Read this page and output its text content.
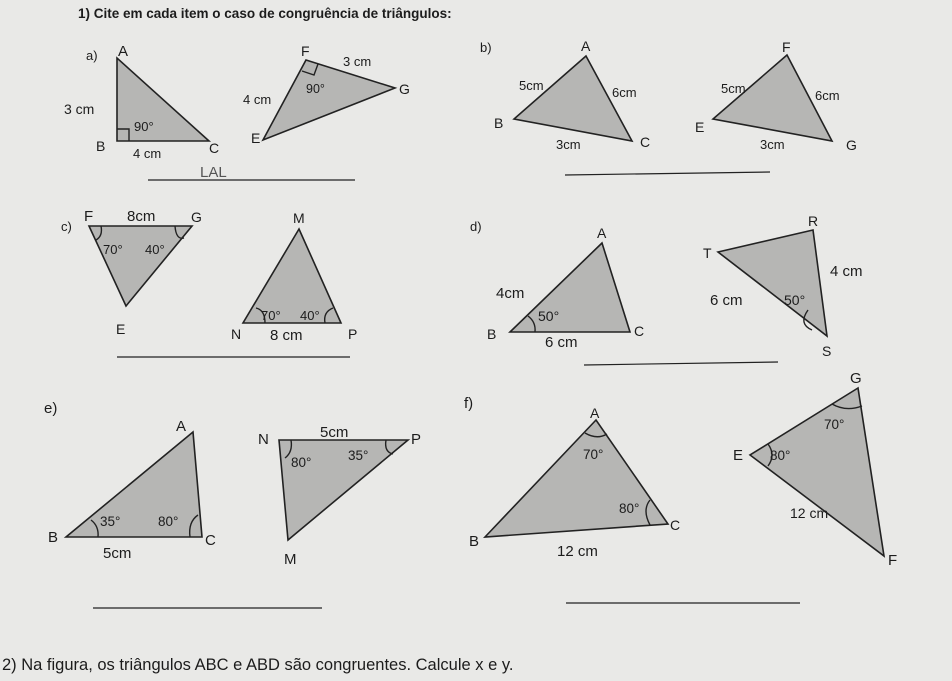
1) Cite em cada item o caso de congruência de triângulos:
a) A
B	C
3 cm
4 cm
90°
F
G
E
3 cm
4 cm
90°
LAL
b)	A
B
C
5cm	6cm
3cm
F
E
G
5cm	6cm
3cm
c)
F	G
E
8cm
70° 40°
M
N	P
8 cm
70° 40°
d)	A
B	C
4cm
6 cm
50°
R
T
S
4 cm
6 cm	50°
e)
A
B	C
5cm
35°	80°
N	P
M
5cm
80°	35°
f)
A
B
C
12 cm
70°
80°
G
E
F
12 cm
70°
80°
2) Na figura, os triângulos ABC e ABD são congruentes. Calcule x e y.
